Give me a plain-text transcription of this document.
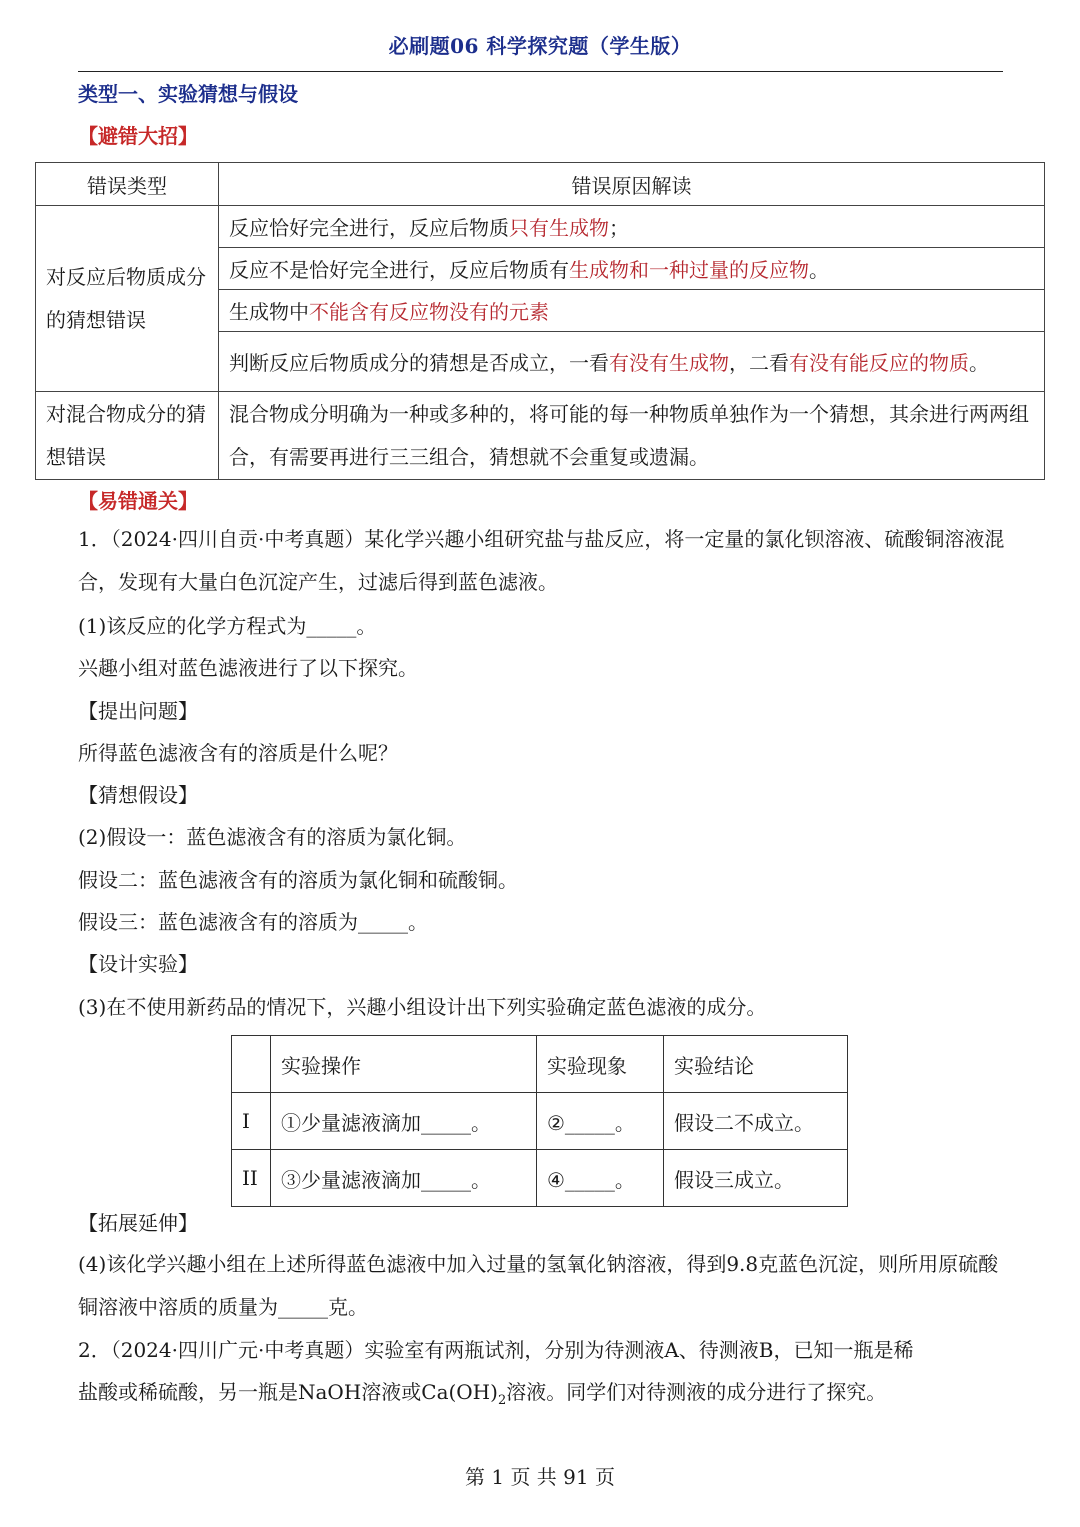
必刷题06 科学探究题（学生版）
类型一、实验猜想与假设
【避错大招】
错误类型	错误原因解读
对反应后物质成分的猜想错误	反应恰好完全进行，反应后物质只有生成物；
	反应不是恰好完全进行，反应后物质有生成物和一种过量的反应物。
	生成物中不能含有反应物没有的元素
	判断反应后物质成分的猜想是否成立，一看有没有生成物，二看有没有能反应的物质。
对混合物成分的猜想错误	混合物成分明确为一种或多种的，将可能的每一种物质单独作为一个猜想，其余进行两两组合，有需要再进行三三组合，猜想就不会重复或遗漏。
【易错通关】
1．（2024·四川自贡·中考真题）某化学兴趣小组研究盐与盐反应，将一定量的氯化钡溶液、硫酸铜溶液混合，发现有大量白色沉淀产生，过滤后得到蓝色滤液。
(1)该反应的化学方程式为_____。
兴趣小组对蓝色滤液进行了以下探究。
【提出问题】
所得蓝色滤液含有的溶质是什么呢？
【猜想假设】
(2)假设一：蓝色滤液含有的溶质为氯化铜。
假设二：蓝色滤液含有的溶质为氯化铜和硫酸铜。
假设三：蓝色滤液含有的溶质为_____。
【设计实验】
(3)在不使用新药品的情况下，兴趣小组设计出下列实验确定蓝色滤液的成分。
	实验操作	实验现象	实验结论
I	①少量滤液滴加_____。	②_____。	假设二不成立。
II	③少量滤液滴加_____。	④_____。	假设三成立。
【拓展延伸】
(4)该化学兴趣小组在上述所得蓝色滤液中加入过量的氢氧化钠溶液，得到9.8克蓝色沉淀，则所用原硫酸铜溶液中溶质的质量为_____克。
2．（2024·四川广元·中考真题）实验室有两瓶试剂，分别为待测液A、待测液B，已知一瓶是稀
盐酸或稀硫酸，另一瓶是NaOH溶液或$Ca(OH)_2$溶液。同学们对待测液的成分进行了探究。
第 1 页 共 91 页
